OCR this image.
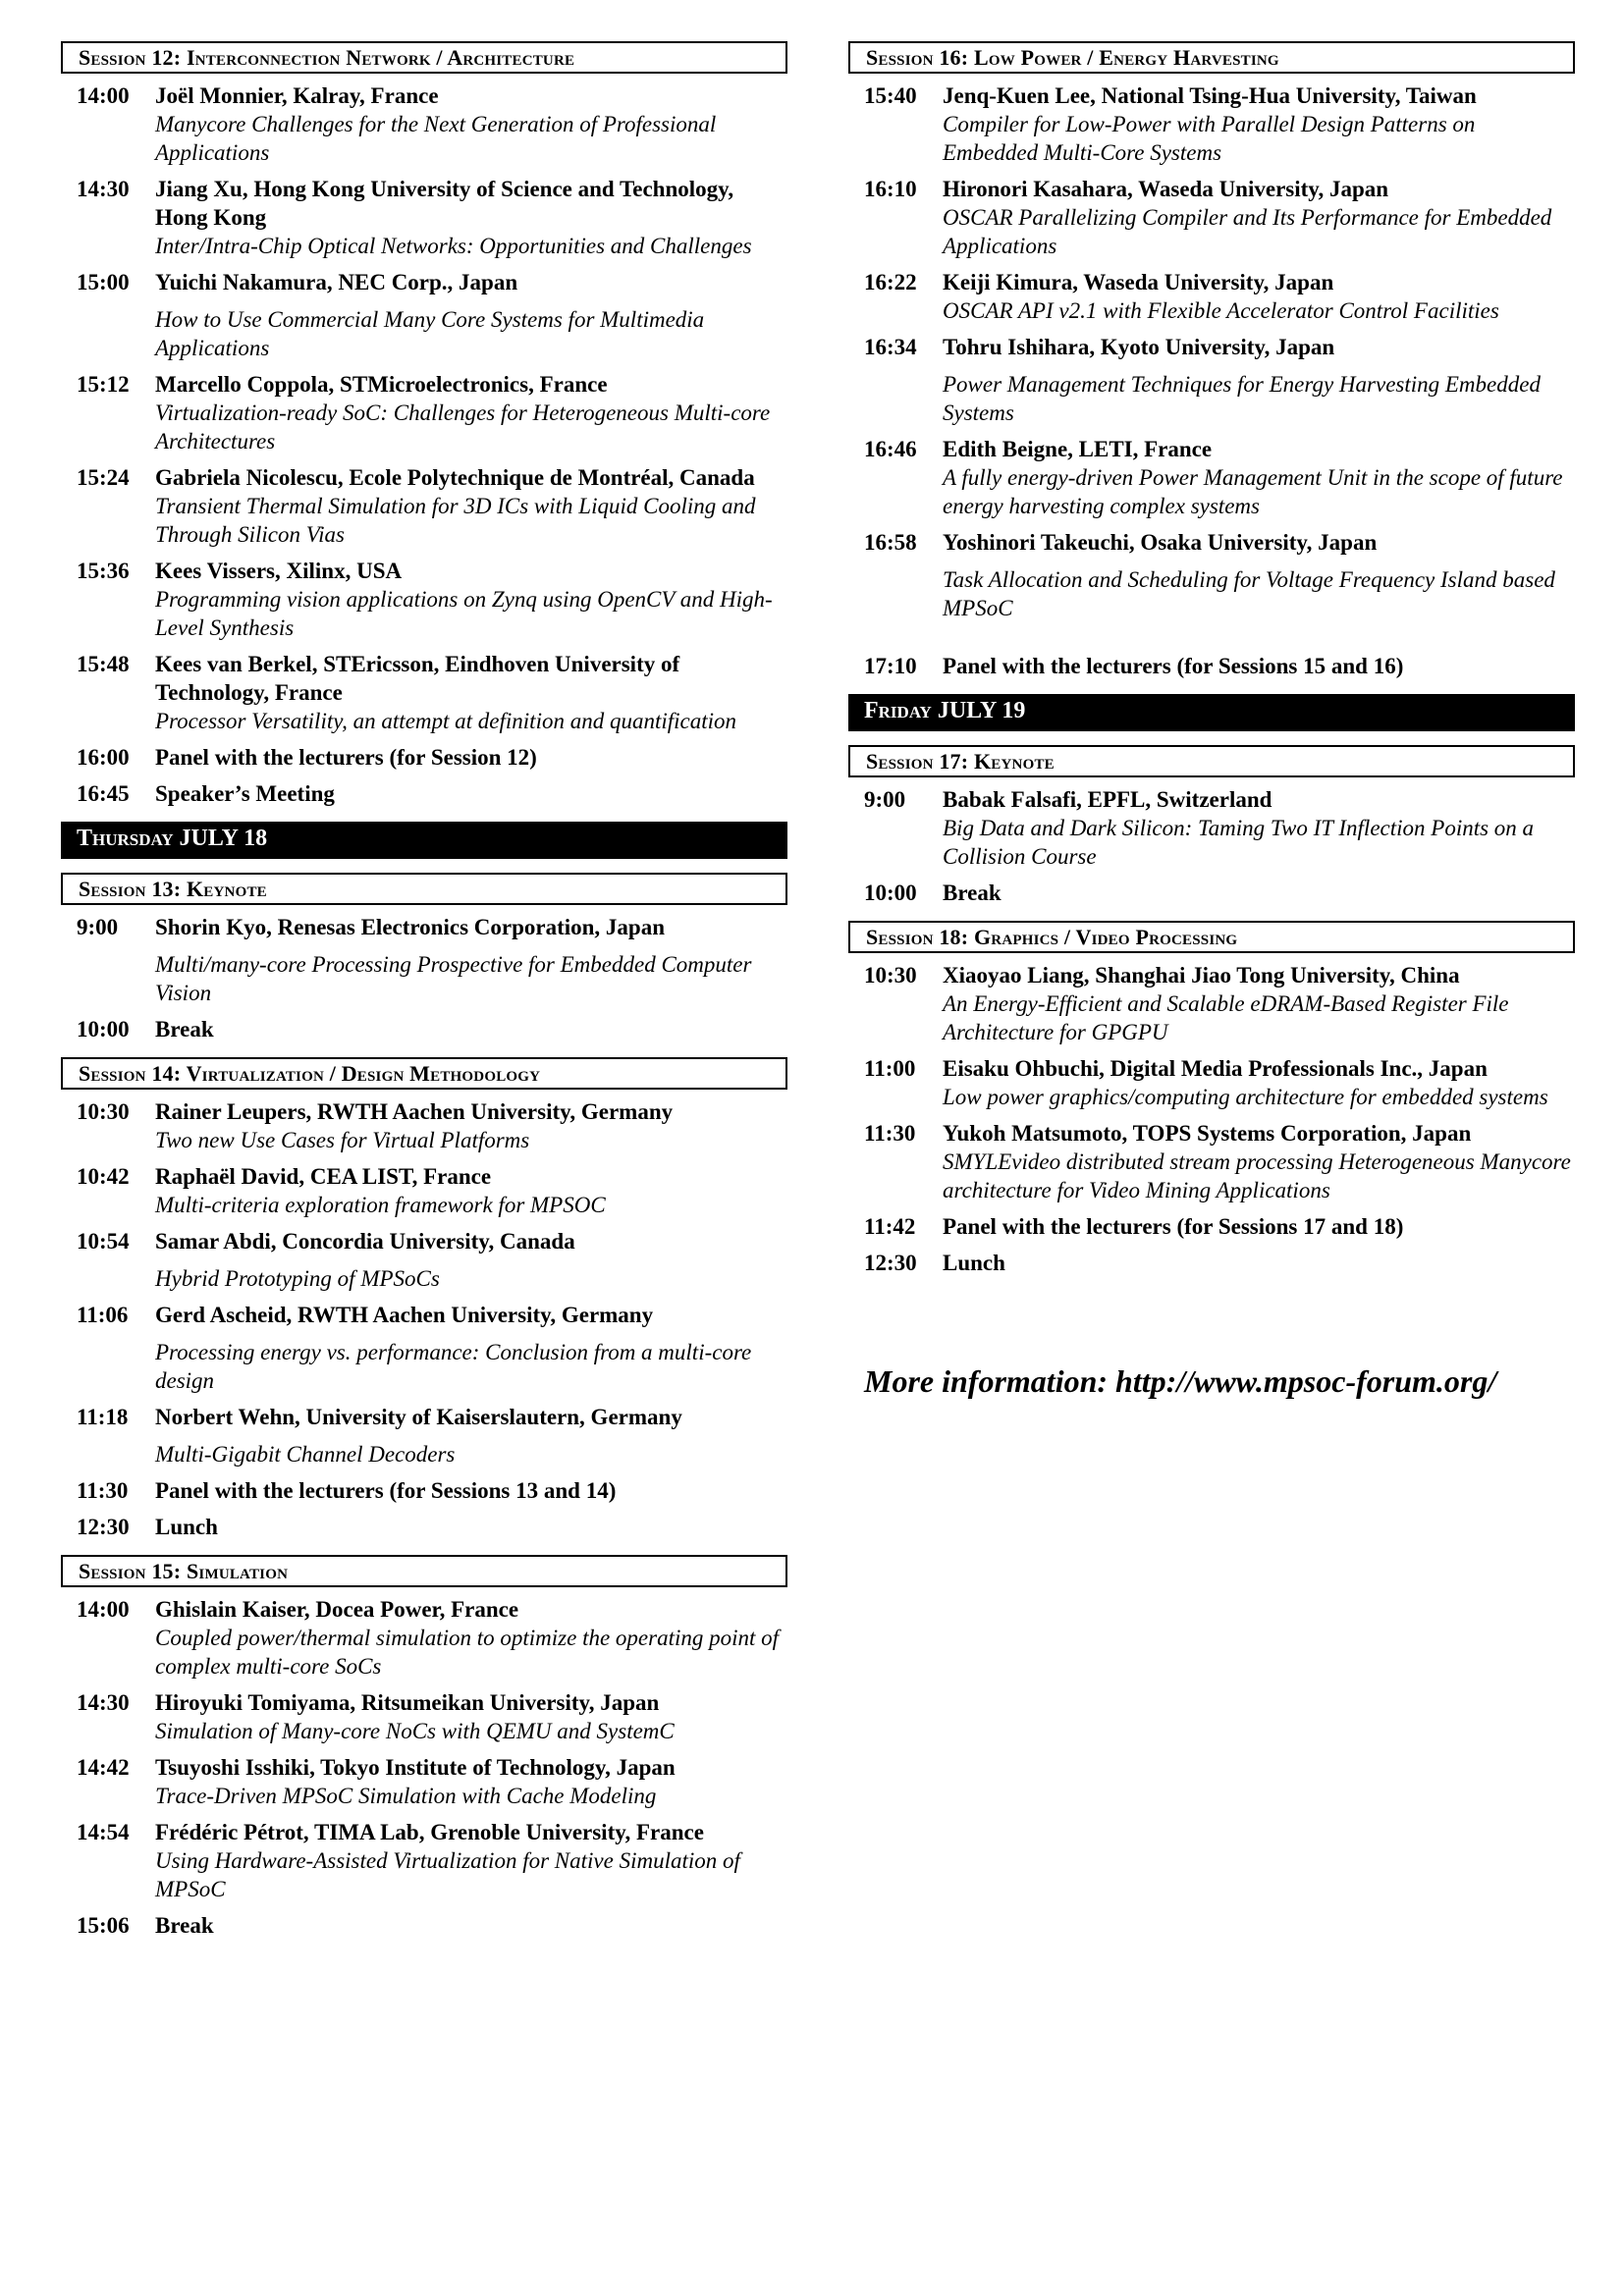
Session 12: Interconnection Network / Architecture
14:00 Joël Monnier, Kalray, France
Manycore Challenges for the Next Generation of Professional Applications
14:30 Jiang Xu, Hong Kong University of Science and Technology, Hong Kong
Inter/Intra-Chip Optical Networks: Opportunities and Challenges
15:00 Yuichi Nakamura, NEC Corp., Japan
How to Use Commercial Many Core Systems for Multimedia Applications
15:12 Marcello Coppola, STMicroelectronics, France
Virtualization-ready SoC: Challenges for Heterogeneous Multi-core Architectures
15:24 Gabriela Nicolescu, Ecole Polytechnique de Montréal, Canada
Transient Thermal Simulation for 3D ICs with Liquid Cooling and Through Silicon Vias
15:36 Kees Vissers, Xilinx, USA
Programming vision applications on Zynq using OpenCV and High-Level Synthesis
15:48 Kees van Berkel, STEricsson, Eindhoven University of Technology, France
Processor Versatility, an attempt at definition and quantification
16:00 Panel with the lecturers (for Session 12)
16:45 Speaker’s Meeting
Thursday JULY 18
Session 13: Keynote
9:00 Shorin Kyo, Renesas Electronics Corporation, Japan
Multi/many-core Processing Prospective for Embedded Computer Vision
10:00 Break
Session 14: Virtualization / Design Methodology
10:30 Rainer Leupers, RWTH Aachen University, Germany
Two new Use Cases for Virtual Platforms
10:42 Raphaël David, CEA LIST, France
Multi-criteria exploration framework for MPSOC
10:54 Samar Abdi, Concordia University, Canada
Hybrid Prototyping of MPSoCs
11:06 Gerd Ascheid, RWTH Aachen University, Germany
Processing energy vs. performance: Conclusion from a multi-core design
11:18 Norbert Wehn, University of Kaiserslautern, Germany
Multi-Gigabit Channel Decoders
11:30 Panel with the lecturers (for Sessions 13 and 14)
12:30 Lunch
Session 15: Simulation
14:00 Ghislain Kaiser, Docea Power, France
Coupled power/thermal simulation to optimize the operating point of complex multi-core SoCs
14:30 Hiroyuki Tomiyama, Ritsumeikan University, Japan
Simulation of Many-core NoCs with QEMU and SystemC
14:42 Tsuyoshi Isshiki, Tokyo Institute of Technology, Japan
Trace-Driven MPSoC Simulation with Cache Modeling
14:54 Frédéric Pétrot, TIMA Lab, Grenoble University, France
Using Hardware-Assisted Virtualization for Native Simulation of MPSoC
15:06 Break
Session 16: Low Power / Energy Harvesting
15:40 Jenq-Kuen Lee, National Tsing-Hua University, Taiwan
Compiler for Low-Power with Parallel Design Patterns on Embedded Multi-Core Systems
16:10 Hironori Kasahara, Waseda University, Japan
OSCAR Parallelizing Compiler and Its Performance for Embedded Applications
16:22 Keiji Kimura, Waseda University, Japan
OSCAR API v2.1 with Flexible Accelerator Control Facilities
16:34 Tohru Ishihara, Kyoto University, Japan
Power Management Techniques for Energy Harvesting Embedded Systems
16:46 Edith Beigne, LETI, France
A fully energy-driven Power Management Unit in the scope of future energy harvesting complex systems
16:58 Yoshinori Takeuchi, Osaka University, Japan
Task Allocation and Scheduling for Voltage Frequency Island based MPSoC
17:10 Panel with the lecturers (for Sessions 15 and 16)
Friday JULY 19
Session 17: Keynote
9:00 Babak Falsafi, EPFL, Switzerland
Big Data and Dark Silicon: Taming Two IT Inflection Points on a Collision Course
10:00 Break
Session 18: Graphics / Video Processing
10:30 Xiaoyao Liang, Shanghai Jiao Tong University, China
An Energy-Efficient and Scalable eDRAM-Based Register File Architecture for GPGPU
11:00 Eisaku Ohbuchi, Digital Media Professionals Inc., Japan
Low power graphics/computing architecture for embedded systems
11:30 Yukoh Matsumoto, TOPS Systems Corporation, Japan
SMYLEvideo distributed stream processing Heterogeneous Manycore architecture for Video Mining Applications
11:42 Panel with the lecturers (for Sessions 17 and 18)
12:30 Lunch
More information: http://www.mpsoc-forum.org/
